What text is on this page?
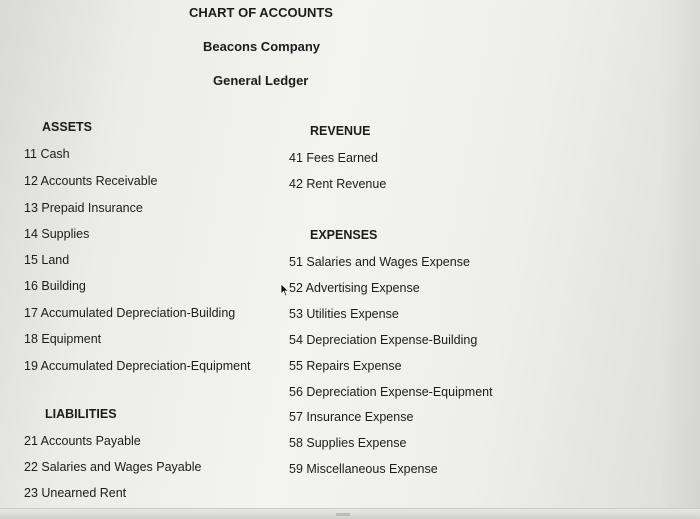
CHART OF ACCOUNTS
Beacons Company
General Ledger
ASSETS
11 Cash
12 Accounts Receivable
13 Prepaid Insurance
14 Supplies
15 Land
16 Building
17 Accumulated Depreciation-Building
18 Equipment
19 Accumulated Depreciation-Equipment
LIABILITIES
21 Accounts Payable
22 Salaries and Wages Payable
23 Unearned Rent
REVENUE
41 Fees Earned
42 Rent Revenue
EXPENSES
51 Salaries and Wages Expense
52 Advertising Expense
53 Utilities Expense
54 Depreciation Expense-Building
55 Repairs Expense
56 Depreciation Expense-Equipment
57 Insurance Expense
58 Supplies Expense
59 Miscellaneous Expense
